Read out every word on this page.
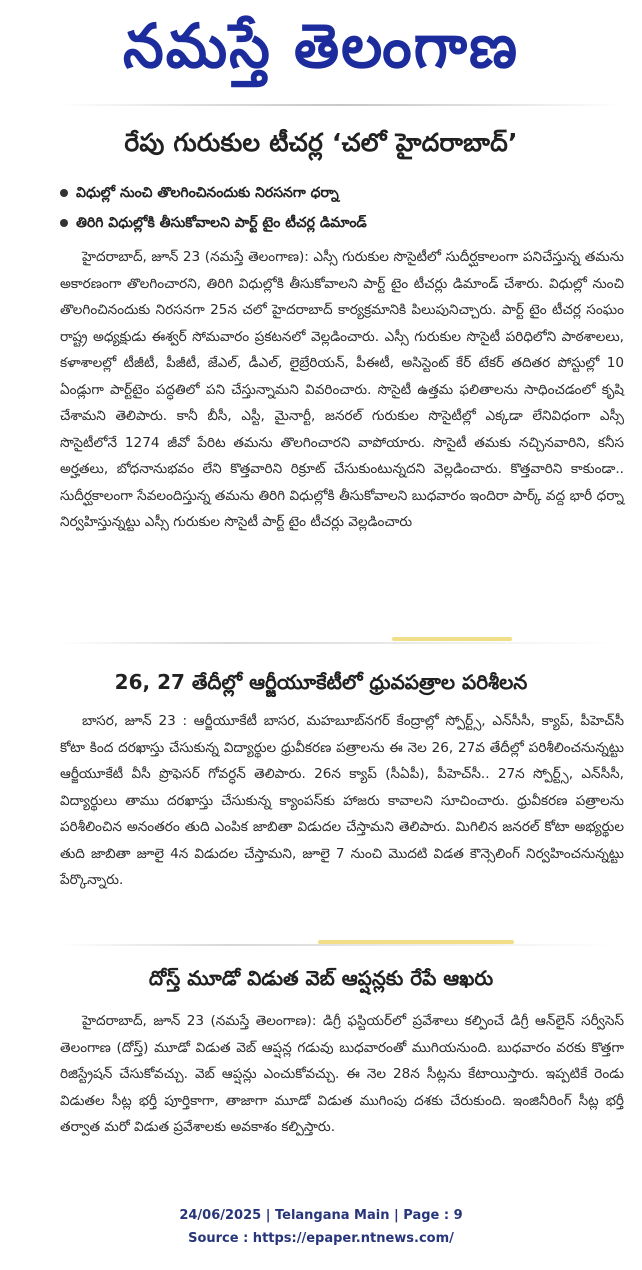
నమస్తే తెలంగాణ
రేపు గురుకుల టీచర్ల ‘చలో హైదరాబాద్’
విధుల్లో నుంచి తొలగించినందుకు నిరసనగా ధర్నా
తిరిగి విధుల్లోకి తీసుకోవాలని పార్ట్ టైం టీచర్ల డిమాండ్
హైదరాబాద్, జూన్ 23 (నమస్తే తెలంగాణ): ఎస్సీ గురుకుల సొసైటీలో సుదీర్ఘకాలంగా పనిచేస్తున్న తమను అకారణంగా తొలగించారని, తిరిగి విధుల్లోకి తీసుకోవాలని పార్ట్ టైం టీచర్లు డిమాండ్ చేశారు. విధుల్లో నుంచి తొలగించినందుకు నిరసనగా 25న చలో హైదరాబాద్ కార్యక్రమానికి పిలుపునిచ్చారు. పార్ట్ టైం టీచర్ల సంఘం రాష్ట్ర అధ్యక్షుడు ఈశ్వర్ సోమవారం ప్రకటనలో వెల్లడించారు. ఎస్సీ గురుకుల సొసైటీ పరిధిలోని పాఠశాలలు, కళాశాలల్లో టీజీటీ, పీజీటీ, జేఎల్, డీఎల్, లైబ్రేరియన్, పీఈటీ, అసిస్టెంట్ కేర్ టేకర్ తదితర పోస్టుల్లో 10 ఏండ్లుగా పార్ట్‌టైం పద్ధతిలో పని చేస్తున్నామని వివరించారు. సొసైటీ ఉత్తమ ఫలితాలను సాధించడంలో కృషి చేశామని తెలిపారు. కానీ బీసీ, ఎస్టీ, మైనార్టీ, జనరల్ గురుకుల సొసైటీల్లో ఎక్కడా లేనివిధంగా ఎస్సీ సొసైటీలోనే 1274 జీవో పేరిట తమను తొలగించారని వాపోయారు. సొసైటీ తమకు నచ్చినవారిని, కనీస అర్హతలు, బోధనానుభవం లేని కొత్తవారిని రిక్రూట్ చేసుకుంటున్నదని వెల్లడించారు. కొత్తవారిని కాకుండా.. సుదీర్ఘకాలంగా సేవలందిస్తున్న తమను తిరిగి విధుల్లోకి తీసుకోవాలని బుధవారం ఇందిరా పార్క్ వద్ద భారీ ధర్నా నిర్వహిస్తున్నట్టు ఎస్సీ గురుకుల సొసైటీ పార్ట్ టైం టీచర్లు వెల్లడించారు
26, 27 తేదీల్లో ఆర్జీయూకేటీలో ధ్రువపత్రాల పరిశీలన
బాసర, జూన్ 23 : ఆర్జీయూకేటీ బాసర, మహబూబ్‌నగర్ కేంద్రాల్లో స్పోర్ట్స్, ఎన్‌సీసీ, క్యాప్, పీహెచ్‌సీ కోటా కింద దరఖాస్తు చేసుకున్న విద్యార్థుల ధ్రువీకరణ పత్రాలను ఈ నెల 26, 27వ తేదీల్లో పరిశీలించనున్నట్టు ఆర్జీయూకేటీ వీసీ ప్రొఫెసర్ గోవర్ధన్ తెలిపారు. 26న క్యాప్ (సీఏపీ), పీహెచ్‌సీ.. 27న స్పోర్ట్స్, ఎన్‌సీసీ, విద్యార్థులు తాము దరఖాస్తు చేసుకున్న క్యాంపస్‌కు హాజరు కావాలని సూచించారు. ధ్రువీకరణ పత్రాలను పరిశీలించిన అనంతరం తుది ఎంపిక జాబితా విడుదల చేస్తామని తెలిపారు. మిగిలిన జనరల్ కోటా అభ్యర్థుల తుది జాబితా జూలై 4న విడుదల చేస్తామని, జూలై 7 నుంచి మొదటి విడత కౌన్సెలింగ్ నిర్వహించనున్నట్టు పేర్కొన్నారు.
దోస్త్ మూడో విడుత వెబ్ ఆప్షన్లకు రేపే ఆఖరు
హైదరాబాద్, జూన్ 23 (నమస్తే తెలంగాణ): డిగ్రీ ఫస్టియర్‌లో ప్రవేశాలు కల్పించే డిగ్రీ ఆన్‌లైన్ సర్వీసెస్ తెలంగాణ (దోస్త్) మూడో విడుత వెబ్ ఆప్షన్ల గడువు బుధవారంతో ముగియనుంది. బుధవారం వరకు కొత్తగా రిజిస్ట్రేషన్ చేసుకోవచ్చు. వెబ్ ఆప్షన్లు ఎంచుకోవచ్చు. ఈ నెల 28న సీట్లను కేటాయిస్తారు. ఇప్పటికే రెండు విడుతల సీట్ల భర్తీ పూర్తికాగా, తాజాగా మూడో విడుత ముగింపు దశకు చేరుకుంది. ఇంజినీరింగ్ సీట్ల భర్తీ తర్వాత మరో విడుత ప్రవేశాలకు అవకాశం కల్పిస్తారు.
24/06/2025 | Telangana Main | Page : 9
Source : https://epaper.ntnews.com/
